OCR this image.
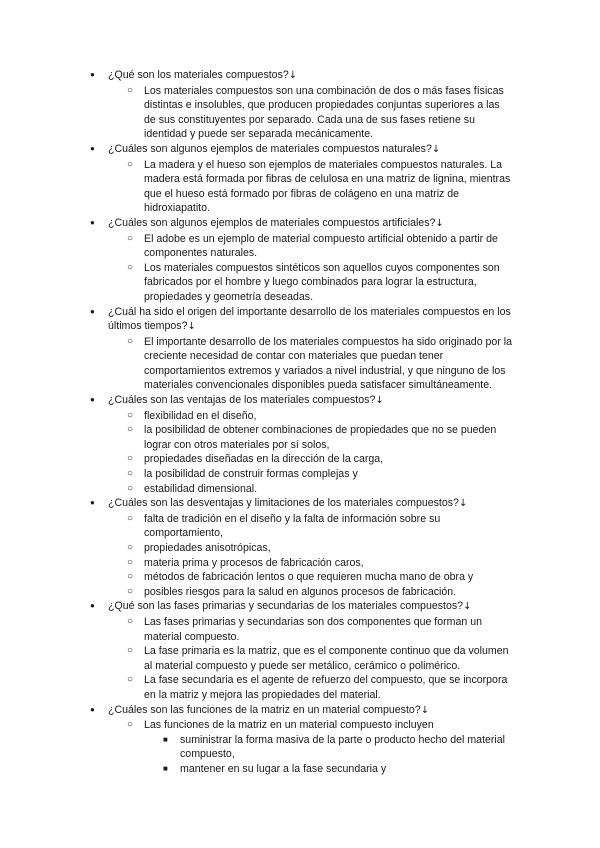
● ¿Qué son los materiales compuestos?↓
○ Los materiales compuestos son una combinación de dos o más fases físicas distintas e insolubles, que producen propiedades conjuntas superiores a las de sus constituyentes por separado. Cada una de sus fases retiene su identidad y puede ser separada mecánicamente.
● ¿Cuáles son algunos ejemplos de materiales compuestos naturales?↓
○ La madera y el hueso son ejemplos de materiales compuestos naturales. La madera está formada por fibras de celulosa en una matriz de lignina, mientras que el hueso está formado por fibras de colágeno en una matriz de hidroxiapatito.
● ¿Cuáles son algunos ejemplos de materiales compuestos artificiales?↓
○ El adobe es un ejemplo de material compuesto artificial obtenido a partir de componentes naturales.
○ Los materiales compuestos sintéticos son aquellos cuyos componentes son fabricados por el hombre y luego combinados para lograr la estructura, propiedades y geometría deseadas.
● ¿Cuál ha sido el origen del importante desarrollo de los materiales compuestos en los últimos tiempos?↓
○ El importante desarrollo de los materiales compuestos ha sido originado por la creciente necesidad de contar con materiales que puedan tener comportamientos extremos y variados a nivel industrial, y que ninguno de los materiales convencionales disponibles pueda satisfacer simultáneamente.
● ¿Cuáles son las ventajas de los materiales compuestos?↓
○ flexibilidad en el diseño,
○ la posibilidad de obtener combinaciones de propiedades que no se pueden lograr con otros materiales por sí solos,
○ propiedades diseñadas en la dirección de la carga,
○ la posibilidad de construir formas complejas y
○ estabilidad dimensional.
● ¿Cuáles son las desventajas y limitaciones de los materiales compuestos?↓
○ falta de tradición en el diseño y la falta de información sobre su comportamiento,
○ propiedades anisotrópicas,
○ materia prima y procesos de fabricación caros,
○ métodos de fabricación lentos o que requieren mucha mano de obra y
○ posibles riesgos para la salud en algunos procesos de fabricación.
● ¿Qué son las fases primarias y secundarias de los materiales compuestos?↓
○ Las fases primarias y secundarias son dos componentes que forman un material compuesto.
○ La fase primaria es la matriz, que es el componente continuo que da volumen al material compuesto y puede ser metálico, cerámico o polimérico.
○ La fase secundaria es el agente de refuerzo del compuesto, que se incorpora en la matriz y mejora las propiedades del material.
● ¿Cuáles son las funciones de la matriz en un material compuesto?↓
○ Las funciones de la matriz en un material compuesto incluyen
■ suministrar la forma masiva de la parte o producto hecho del material compuesto,
■ mantener en su lugar a la fase secundaria y
